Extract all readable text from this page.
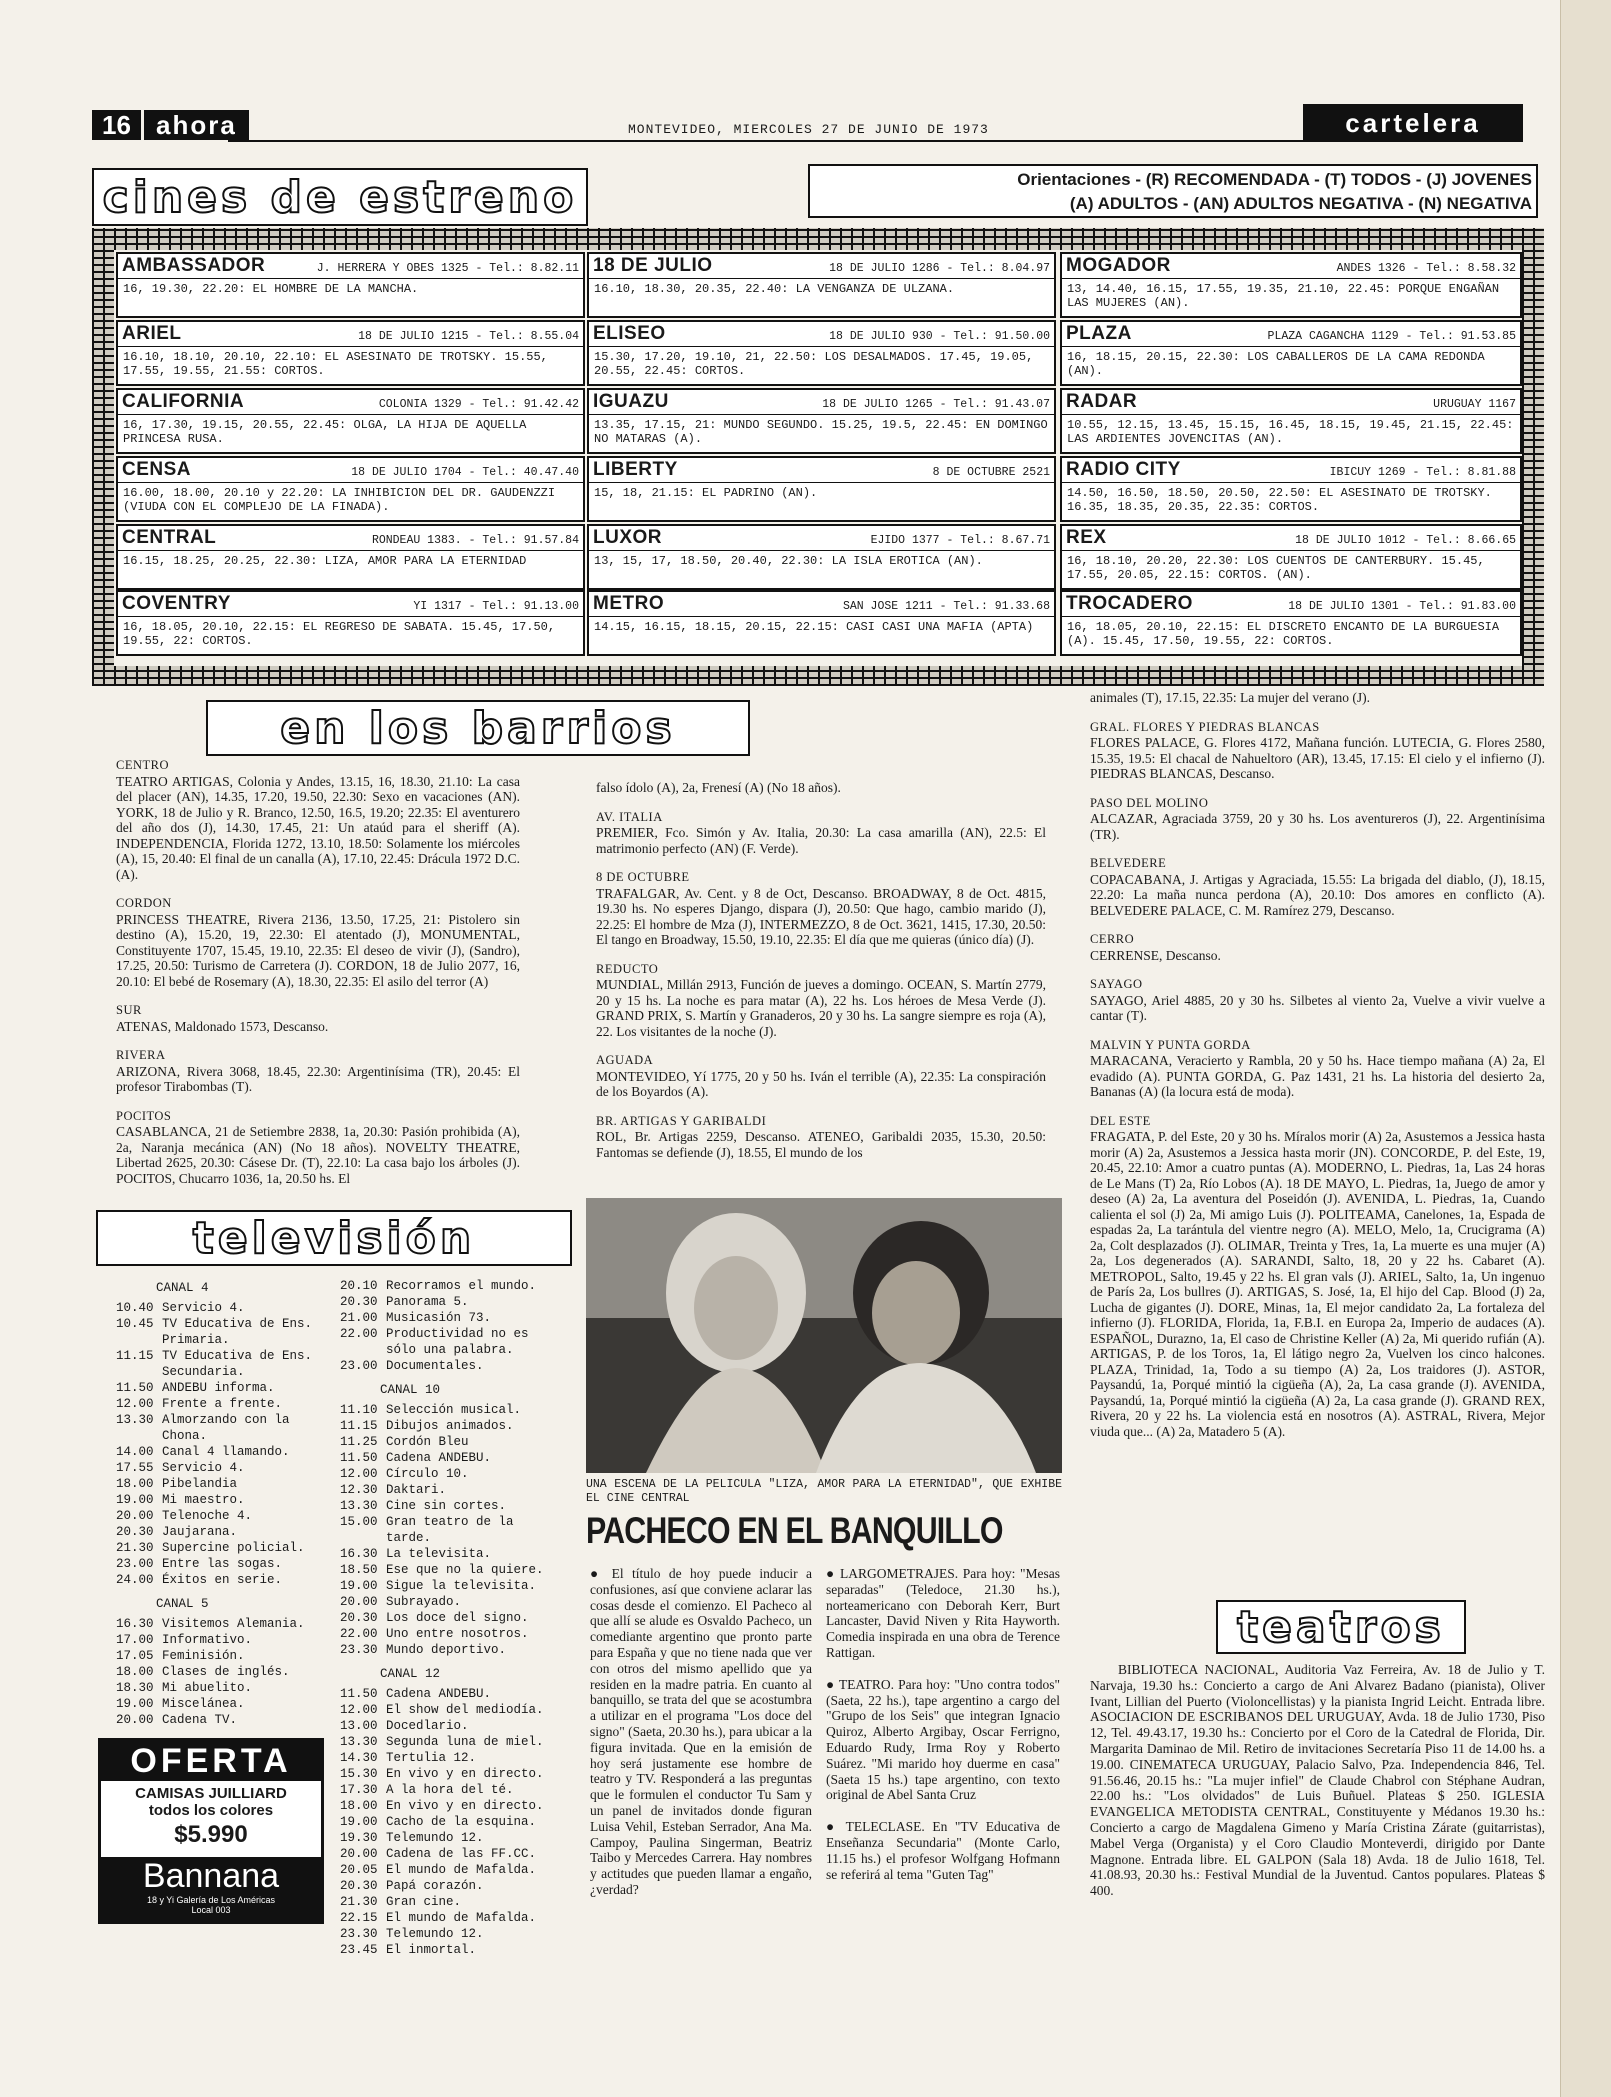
16 ahora	MONTEVIDEO, MIERCOLES 27 DE JUNIO DE 1973	cartelera
cines de estreno	Orientaciones - (R) RECOMENDADA - (T) TODOS - (J) JOVENES
(A) ADULTOS - (AN) ADULTOS NEGATIVA - (N) NEGATIVA
AMBASSADOR	J. HERRERA Y OBES 1325 - Tel.: 8.82.11
16, 19.30, 22.20: EL HOMBRE DE LA MANCHA.
ARIEL	18 DE JULIO 1215 - Tel.: 8.55.04
16.10, 18.10, 20.10, 22.10: EL ASESINATO DE TROTSKY. 15.55, 17.55, 19.55, 21.55: CORTOS.
CALIFORNIA	COLONIA 1329 - Tel.: 91.42.42
16, 17.30, 19.15, 20.55, 22.45: OLGA, LA HIJA DE AQUELLA PRINCESA RUSA.
CENSA	18 DE JULIO 1704 - Tel.: 40.47.40
16.00, 18.00, 20.10 y 22.20: LA INHIBICION DEL DR. GAUDENZZI (VIUDA CON EL COMPLEJO DE LA FINADA).
CENTRAL	RONDEAU 1383. - Tel.: 91.57.84
16.15, 18.25, 20.25, 22.30: LIZA, AMOR PARA LA ETERNIDAD
COVENTRY	YI 1317 - Tel.: 91.13.00
16, 18.05, 20.10, 22.15: EL REGRESO DE SABATA. 15.45, 17.50, 19.55, 22: CORTOS.
18 DE JULIO	18 DE JULIO 1286 - Tel.: 8.04.97
16.10, 18.30, 20.35, 22.40: LA VENGANZA DE ULZANA.
ELISEO	18 DE JULIO 930 - Tel.: 91.50.00
15.30, 17.20, 19.10, 21, 22.50: LOS DESALMADOS. 17.45, 19.05, 20.55, 22.45: CORTOS.
IGUAZU	18 DE JULIO 1265 - Tel.: 91.43.07
13.35, 17.15, 21: MUNDO SEGUNDO. 15.25, 19.5, 22.45: EN DOMINGO NO MATARAS (A).
LIBERTY	8 DE OCTUBRE 2521
15, 18, 21.15: EL PADRINO (AN).
LUXOR	EJIDO 1377 - Tel.: 8.67.71
13, 15, 17, 18.50, 20.40, 22.30: LA ISLA EROTICA (AN).
METRO	SAN JOSE 1211 - Tel.: 91.33.68
14.15, 16.15, 18.15, 20.15, 22.15: CASI CASI UNA MAFIA (APTA)
MOGADOR	ANDES 1326 - Tel.: 8.58.32
13, 14.40, 16.15, 17.55, 19.35, 21.10, 22.45: PORQUE ENGAÑAN LAS MUJERES (AN).
PLAZA	PLAZA CAGANCHA 1129 - Tel.: 91.53.85
16, 18.15, 20.15, 22.30: LOS CABALLEROS DE LA CAMA REDONDA (AN).
RADAR	URUGUAY 1167
10.55, 12.15, 13.45, 15.15, 16.45, 18.15, 19.45, 21.15, 22.45: LAS ARDIENTES JOVENCITAS (AN).
RADIO CITY	IBICUY 1269 - Tel.: 8.81.88
14.50, 16.50, 18.50, 20.50, 22.50: EL ASESINATO DE TROTSKY. 16.35, 18.35, 20.35, 22.35: CORTOS.
REX	18 DE JULIO 1012 - Tel.: 8.66.65
16, 18.10, 20.20, 22.30: LOS CUENTOS DE CANTERBURY. 15.45, 17.55, 20.05, 22.15: CORTOS. (AN).
TROCADERO	18 DE JULIO 1301 - Tel.: 91.83.00
16, 18.05, 20.10, 22.15: EL DISCRETO ENCANTO DE LA BURGUESIA (A). 15.45, 17.50, 19.55, 22: CORTOS.
en los barrios

CENTRO
TEATRO ARTIGAS, Colonia y Andes, 13.15, 16, 18.30, 21.10: La casa del placer (AN), 14.35, 17.20, 19.50, 22.30: Sexo en vacaciones (AN). YORK, 18 de Julio y R. Branco, 12.50, 16.5, 19.20; 22.35: El aventurero del año dos (J), 14.30, 17.45, 21: Un ataúd para el sheriff (A). INDEPENDENCIA, Florida 1272, 13.10, 18.50: Solamente los miércoles (A), 15, 20.40: El final de un canalla (A), 17.10, 22.45: Drácula 1972 D.C. (A).

CORDON
PRINCESS THEATRE, Rivera 2136, 13.50, 17.25, 21: Pistolero sin destino (A), 15.20, 19, 22.30: El atentado (J), MONUMENTAL, Constituyente 1707, 15.45, 19.10, 22.35: El deseo de vivir (J), (Sandro), 17.25, 20.50: Turismo de Carretera (J). CORDON, 18 de Julio 2077, 16, 20.10: El bebé de Rosemary (A), 18.30, 22.35: El asilo del terror (A)

SUR
ATENAS, Maldonado 1573, Descanso.

RIVERA
ARIZONA, Rivera 3068, 18.45, 22.30: Argentinísima (TR), 20.45: El profesor Tirabombas (T).

POCITOS
CASABLANCA, 21 de Setiembre 2838, 1a, 20.30: Pasión prohibida (A), 2a, Naranja mecánica (AN) (No 18 años). NOVELTY THEATRE, Libertad 2625, 20.30: Cásese Dr. (T), 22.10: La casa bajo los árboles (J). POCITOS, Chucarro 1036, 1a, 20.50 hs. El

falso ídolo (A), 2a, Frenesí (A) (No 18 años).

AV. ITALIA
PREMIER, Fco. Simón y Av. Italia, 20.30: La casa amarilla (AN), 22.5: El matrimonio perfecto (AN) (F. Verde).

8 DE OCTUBRE
TRAFALGAR, Av. Cent. y 8 de Oct, Descanso. BROADWAY, 8 de Oct. 4815, 19.30 hs. No esperes Django, dispara (J), 20.50: Que hago, cambio marido (J), 22.25: El hombre de Mza (J), INTERMEZZO, 8 de Oct. 3621, 1415, 17.30, 20.50: El tango en Broadway, 15.50, 19.10, 22.35: El día que me quieras (único día) (J).

REDUCTO
MUNDIAL, Millán 2913, Función de jueves a domingo. OCEAN, S. Martín 2779, 20 y 15 hs. La noche es para matar (A), 22 hs. Los héroes de Mesa Verde (J). GRAND PRIX, S. Martín y Granaderos, 20 y 30 hs. La sangre siempre es roja (A), 22. Los visitantes de la noche (J).

AGUADA
MONTEVIDEO, Yí 1775, 20 y 50 hs. Iván el terrible (A), 22.35: La conspiración de los Boyardos (A).

BR. ARTIGAS Y GARIBALDI
ROL, Br. Artigas 2259, Descanso. ATENEO, Garibaldi 2035, 15.30, 20.50: Fantomas se defiende (J), 18.55, El mundo de los

animales (T), 17.15, 22.35: La mujer del verano (J).

GRAL. FLORES Y PIEDRAS BLANCAS
FLORES PALACE, G. Flores 4172, Mañana función. LUTECIA, G. Flores 2580, 15.35, 19.5: El chacal de Nahueltoro (AR), 13.45, 17.15: El cielo y el infierno (J). PIEDRAS BLANCAS, Descanso.

PASO DEL MOLINO
ALCAZAR, Agraciada 3759, 20 y 30 hs. Los aventureros (J), 22. Argentinísima (TR).

BELVEDERE
COPACABANA, J. Artigas y Agraciada, 15.55: La brigada del diablo, (J), 18.15, 22.20: La maña nunca perdona (A), 20.10: Dos amores en conflicto (A). BELVEDERE PALACE, C. M. Ramírez 279, Descanso.

CERRO
CERRENSE, Descanso.

SAYAGO
SAYAGO, Ariel 4885, 20 y 30 hs. Silbetes al viento 2a, Vuelve a vivir vuelve a cantar (T).

MALVIN Y PUNTA GORDA
MARACANA, Veracierto y Rambla, 20 y 50 hs. Hace tiempo mañana (A) 2a, El evadido (A). PUNTA GORDA, G. Paz 1431, 21 hs. La historia del desierto 2a, Bananas (A) (la locura está de moda).

DEL ESTE
FRAGATA, P. del Este, 20 y 30 hs. Míralos morir (A) 2a, Asustemos a Jessica hasta morir (A) 2a, Asustemos a Jessica hasta morir (JN). CONCORDE, P. del Este, 19, 20.45, 22.10: Amor a cuatro puntas (A). MODERNO, L. Piedras, 1a, Las 24 horas de Le Mans (T) 2a, Río Lobos (A). 18 DE MAYO, L. Piedras, 1a, Juego de amor y deseo (A) 2a, La aventura del Poseidón (J). AVENIDA, L. Piedras, 1a, Cuando calienta el sol (J) 2a, Mi amigo Luis (J). POLITEAMA, Canelones, 1a, Espada de espadas 2a, La tarántula del vientre negro (A). MELO, Melo, 1a, Crucigrama (A) 2a, Colt desplazados (J). OLIMAR, Treinta y Tres, 1a, La muerte es una mujer (A) 2a, Los degenerados (A). SARANDI, Salto, 18, 20 y 22 hs. Cabaret (A). METROPOL, Salto, 19.45 y 22 hs. El gran vals (J). ARIEL, Salto, 1a, Un ingenuo de París 2a, Los bullres (J). ARTIGAS, S. José, 1a, El hijo del Cap. Blood (J) 2a, Lucha de gigantes (J). DORE, Minas, 1a, El mejor candidato 2a, La fortaleza del infierno (J). FLORIDA, Florida, 1a, F.B.I. en Europa 2a, Imperio de audaces (A). ESPAÑOL, Durazno, 1a, El caso de Christine Keller (A) 2a, Mi querido rufián (A). ARTIGAS, P. de los Toros, 1a, El látigo negro 2a, Vuelven los cinco halcones. PLAZA, Trinidad, 1a, Todo a su tiempo (A) 2a, Los traidores (J). ASTOR, Paysandú, 1a, Porqué mintió la cigüeña (A), 2a, La casa grande (J). AVENIDA, Paysandú, 1a, Porqué mintió la cigüeña (A) 2a, La casa grande (J). GRAND REX, Rivera, 20 y 22 hs. La violencia está en nosotros (A). ASTRAL, Rivera, Mejor viuda que... (A) 2a, Matadero 5 (A).

televisión
CANAL 4
10.40 Servicio 4.
10.45 TV Educativa de Ens. Primaria.
11.15 TV Educativa de Ens. Secundaria.
11.50 ANDEBU informa.
12.00 Frente a frente.
13.30 Almorzando con la Chona.
14.00 Canal 4 llamando.
17.55 Servicio 4.
18.00 Pibelandia
19.00 Mi maestro.
20.00 Telenoche 4.
20.30 Jaujarana.
21.30 Supercine policial.
23.00 Entre las sogas.
24.00 Éxitos en serie.
CANAL 5
16.30 Visitemos Alemania.
17.00 Informativo.
17.05 Feminisión.
18.00 Clases de inglés.
18.30 Mi abuelito.
19.00 Miscelánea.
20.00 Cadena TV.
20.10 Recorramos el mundo.
20.30 Panorama 5.
21.00 Musicasión 73.
22.00 Productividad no es sólo una palabra.
23.00 Documentales.
CANAL 10
11.10 Selección musical.
11.15 Dibujos animados.
11.25 Cordón Bleu
11.50 Cadena ANDEBU.
12.00 Círculo 10.
12.30 Daktari.
13.30 Cine sin cortes.
15.00 Gran teatro de la tarde.
16.30 La televisita.
18.50 Ese que no la quiere.
19.00 Sigue la televisita.
20.00 Subrayado.
20.30 Los doce del signo.
22.00 Uno entre nosotros.
23.30 Mundo deportivo.
CANAL 12
11.50 Cadena ANDEBU.
12.00 El show del mediodía.
13.00 Docedlario.
13.30 Segunda luna de miel.
14.30 Tertulia 12.
15.30 En vivo y en directo.
17.30 A la hora del té.
18.00 En vivo y en directo.
19.00 Cacho de la esquina.
19.30 Telemundo 12.
20.00 Cadena de las FF.CC.
20.05 El mundo de Mafalda.
20.30 Papá corazón.
21.30 Gran cine.
22.15 El mundo de Mafalda.
23.30 Telemundo 12.
23.45 El inmortal.
OFERTA
CAMISAS JUILLIARD
todos los colores
$5.990
Bannana
18 y Yi Galería de Los Américas
Local 003
UNA ESCENA DE LA PELICULA "LIZA, AMOR PARA LA ETERNIDAD", QUE EXHIBE EL CINE CENTRAL
PACHECO EN EL BANQUILLO
● El título de hoy puede inducir a confusiones, así que conviene aclarar las cosas desde el comienzo. El Pacheco al que allí se alude es Osvaldo Pacheco, un comediante argentino que pronto parte para España y que no tiene nada que ver con otros del mismo apellido que ya residen en la madre patria. En cuanto al banquillo, se trata del que se acostumbra a utilizar en el programa "Los doce del signo" (Saeta, 20.30 hs.), para ubicar a la figura invitada. Que en la emisión de hoy será justamente ese hombre de teatro y TV. Responderá a las preguntas que le formulen el conductor Tu Sam y un panel de invitados donde figuran Luisa Vehil, Esteban Serrador, Ana Ma. Campoy, Paulina Singerman, Beatriz Taibo y Mercedes Carrera. Hay nombres y actitudes que pueden llamar a engaño, ¿verdad?

● LARGOMETRAJES. Para hoy: "Mesas separadas" (Teledoce, 21.30 hs.), norteamericano con Deborah Kerr, Burt Lancaster, David Niven y Rita Hayworth. Comedia inspirada en una obra de Terence Rattigan.

● TEATRO. Para hoy: "Uno contra todos" (Saeta, 22 hs.), tape argentino a cargo del "Grupo de los Seis" que integran Ignacio Quiroz, Alberto Argibay, Oscar Ferrigno, Eduardo Rudy, Irma Roy y Roberto Suárez. "Mi marido hoy duerme en casa" (Saeta 15 hs.) tape argentino, con texto original de Abel Santa Cruz

● TELECLASE. En "TV Educativa de Enseñanza Secundaria" (Monte Carlo, 11.15 hs.) el profesor Wolfgang Hofmann se referirá al tema "Guten Tag"

teatros
BIBLIOTECA NACIONAL, Auditoria Vaz Ferreira, Av. 18 de Julio y T. Narvaja, 19.30 hs.: Concierto a cargo de Ani Alvarez Badano (pianista), Oliver Ivant, Lillian del Puerto (Violoncellistas) y la pianista Ingrid Leicht. Entrada libre. ASOCIACION DE ESCRIBANOS DEL URUGUAY, Avda. 18 de Julio 1730, Piso 12, Tel. 49.43.17, 19.30 hs.: Concierto por el Coro de la Catedral de Florida, Dir. Margarita Daminao de Mil. Retiro de invitaciones Secretaría Piso 11 de 14.00 hs. a 19.00. CINEMATECA URUGUAY, Palacio Salvo, Pza. Independencia 846, Tel. 91.56.46, 20.15 hs.: "La mujer infiel" de Claude Chabrol con Stéphane Audran, 22.00 hs.: "Los olvidados" de Luis Buñuel. Plateas $ 250. IGLESIA EVANGELICA METODISTA CENTRAL, Constituyente y Médanos 19.30 hs.: Concierto a cargo de Magdalena Gimeno y María Cristina Zárate (guitarristas), Mabel Verga (Organista) y el Coro Claudio Monteverdi, dirigido por Dante Magnone. Entrada libre. EL GALPON (Sala 18) Avda. 18 de Julio 1618, Tel. 41.08.93, 20.30 hs.: Festival Mundial de la Juventud. Cantos populares. Plateas $ 400.
